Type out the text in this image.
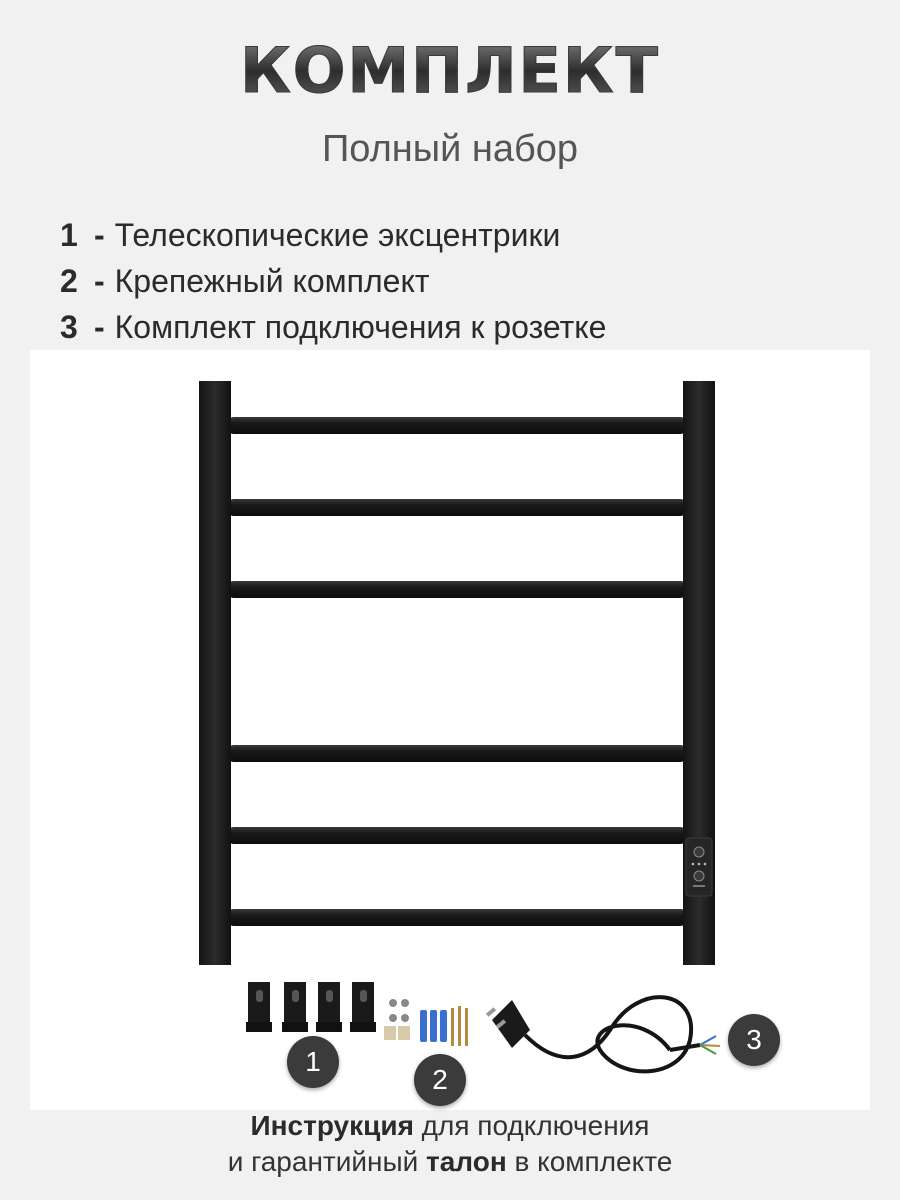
КОМПЛЕКТ
Полный набор
1 - Телескопические эксцентрики
2 - Крепежный комплект
3 - Комплект подключения к розетке
1
2
3
Инструкция для подключения
и гарантийный талон в комплекте
